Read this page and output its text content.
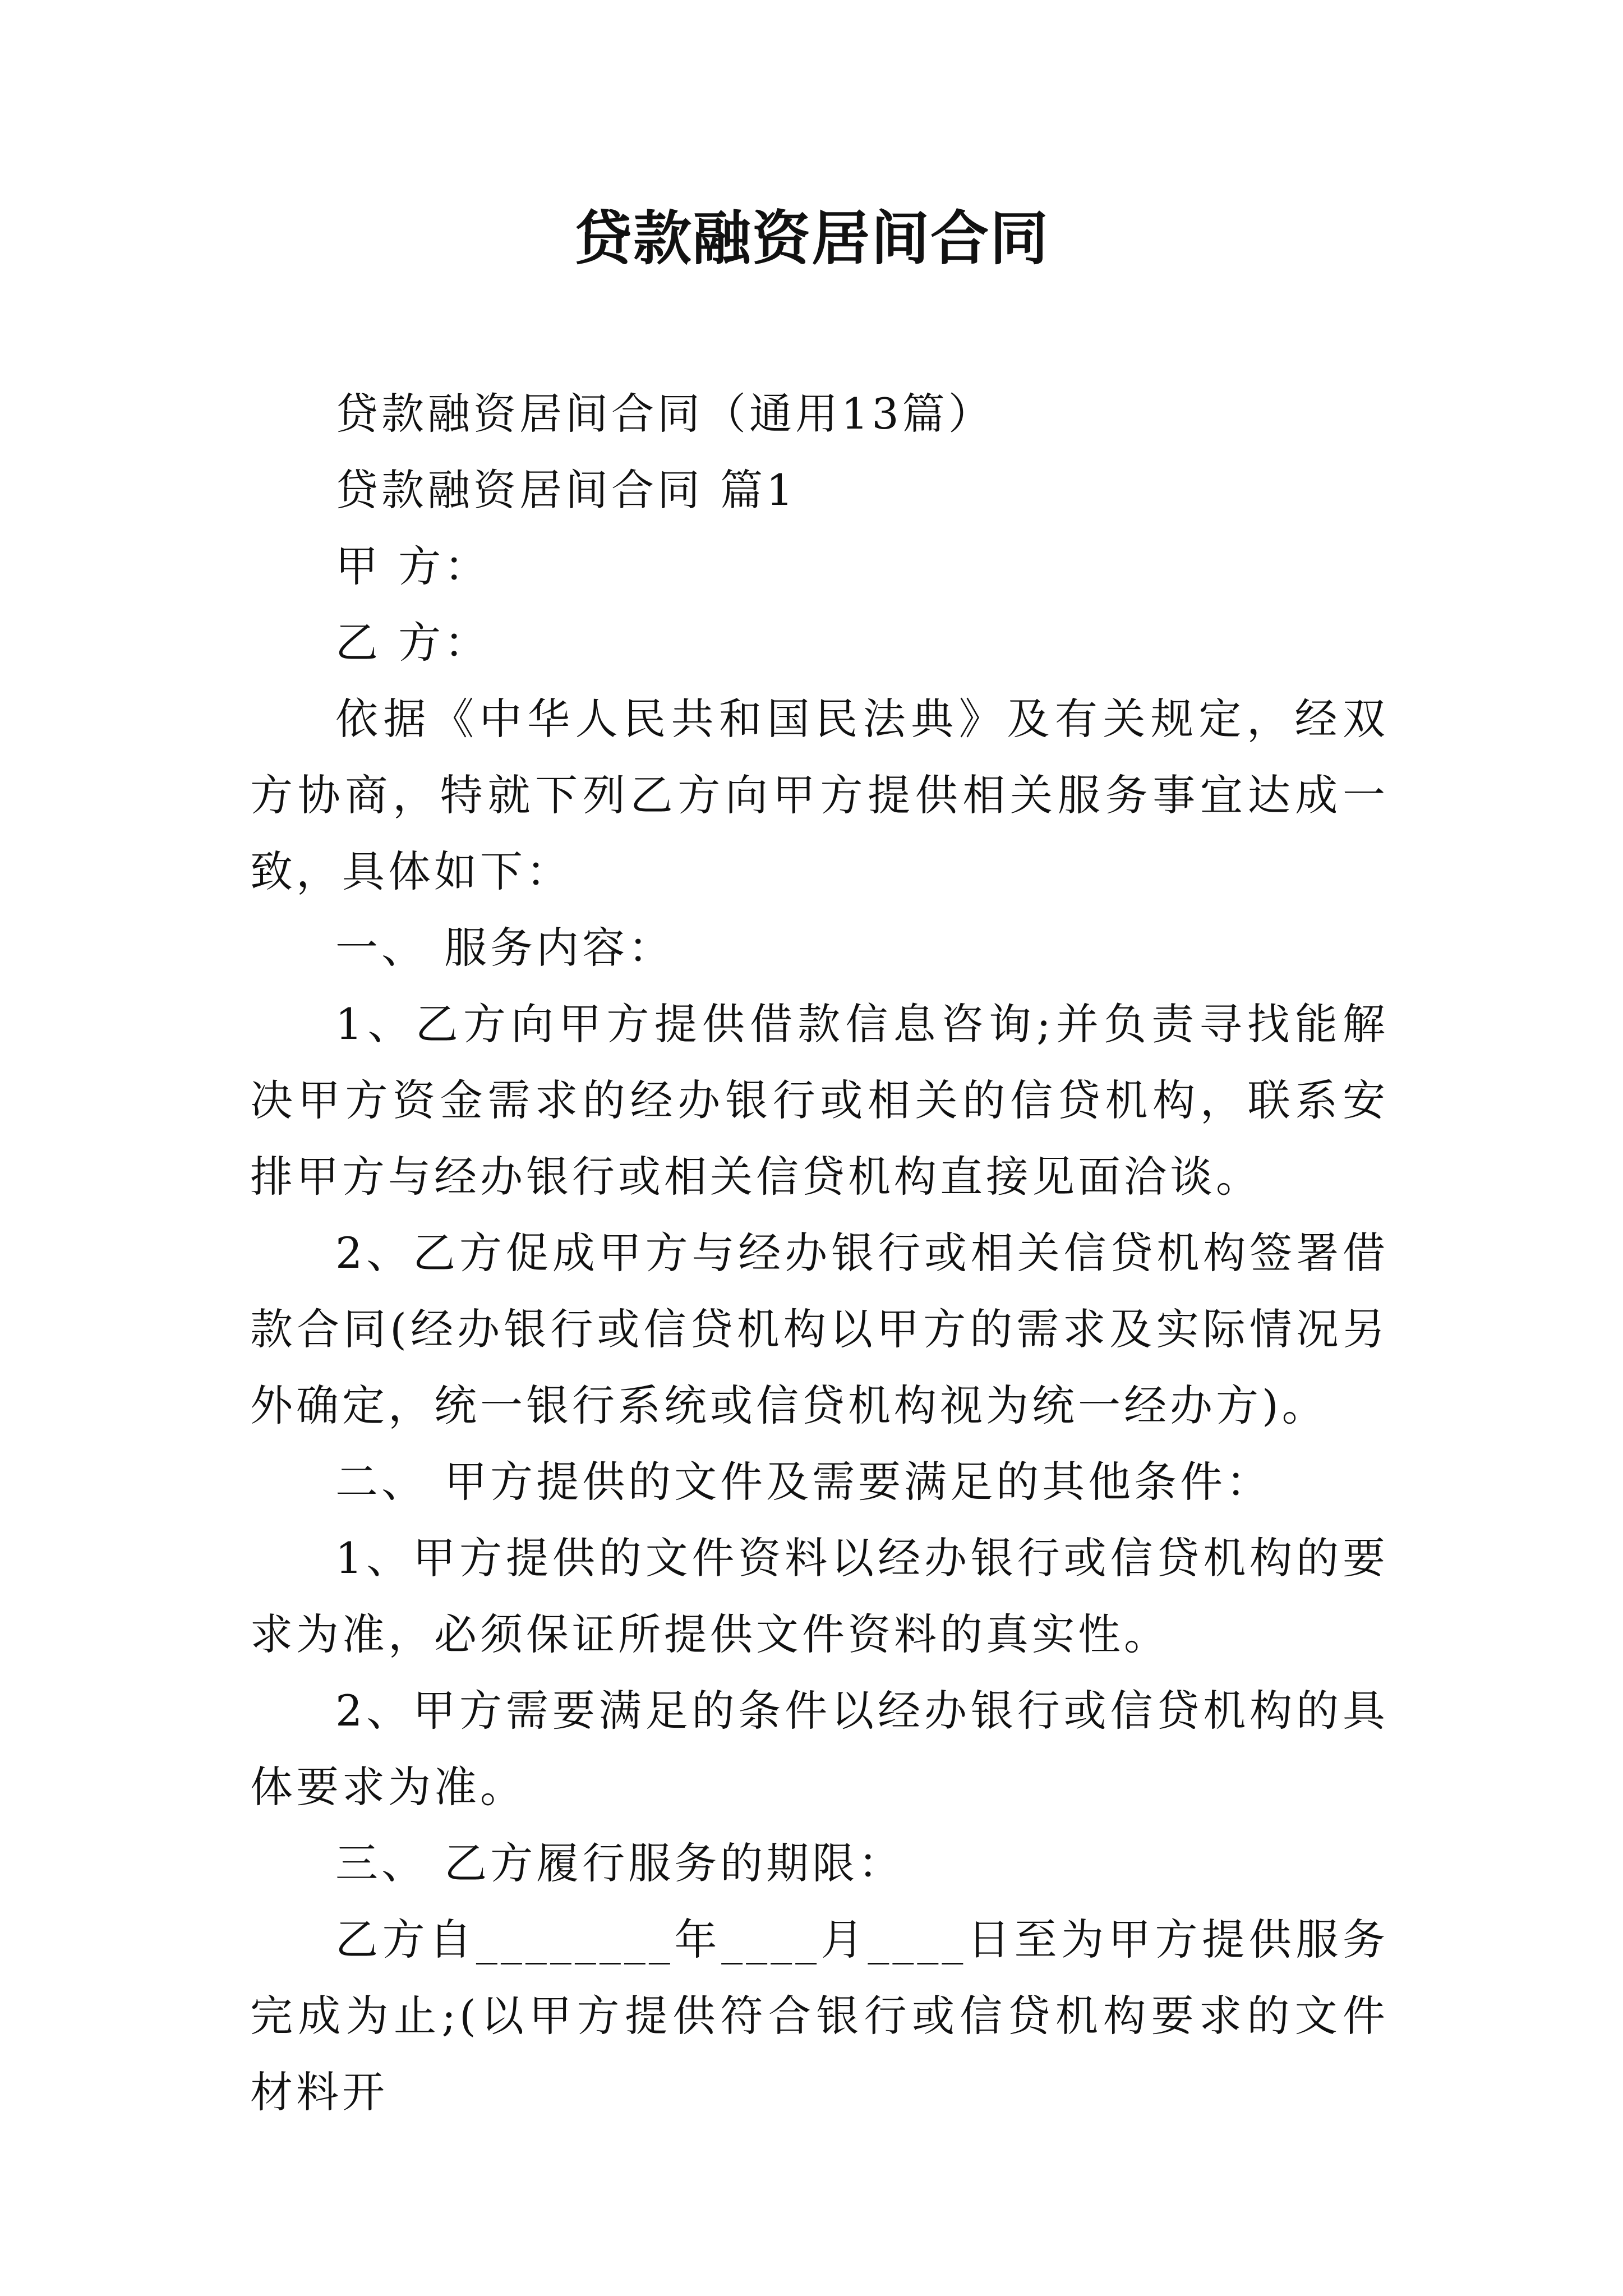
贷款融资居间合同

贷款融资居间合同（通用13篇）

贷款融资居间合同 篇1

甲 方：

乙 方：

依据《中华人民共和国民法典》及有关规定，经双方协商，特就下列乙方向甲方提供相关服务事宜达成一致，具体如下：

一、 服务内容：

1、乙方向甲方提供借款信息咨询;并负责寻找能解决甲方资金需求的经办银行或相关的信贷机构，联系安排甲方与经办银行或相关信贷机构直接见面洽谈。

2、乙方促成甲方与经办银行或相关信贷机构签署借款合同(经办银行或信贷机构以甲方的需求及实际情况另外确定，统一银行系统或信贷机构视为统一经办方)。

二、 甲方提供的文件及需要满足的其他条件：

1、甲方提供的文件资料以经办银行或信贷机构的要求为准，必须保证所提供文件资料的真实性。

2、甲方需要满足的条件以经办银行或信贷机构的具体要求为准。

三、 乙方履行服务的期限：

乙方自________年____月____日至为甲方提供服务完成为止;(以甲方提供符合银行或信贷机构要求的文件材料开
